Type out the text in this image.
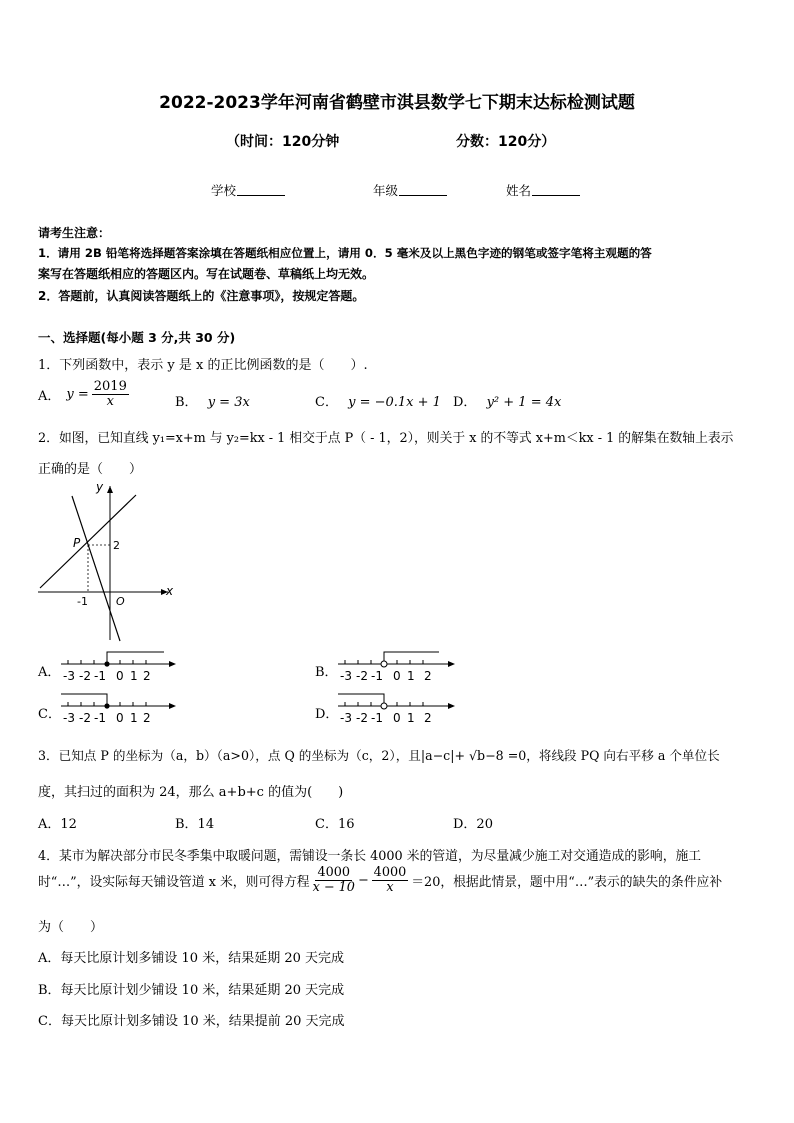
2022-2023学年河南省鹤壁市淇县数学七下期末达标检测试题
（时间：120分钟	分数：120分）
学校	年级	姓名
请考生注意：
1．请用 2B 铅笔将选择题答案涂填在答题纸相应位置上，请用 0．5 毫米及以上黑色字迹的钢笔或签字笔将主观题的答
案写在答题纸相应的答题区内。写在试题卷、草稿纸上均无效。
2．答题前，认真阅读答题纸上的《注意事项》，按规定答题。
一、选择题(每小题 3 分,共 30 分)
1．下列函数中，表示 y 是 x 的正比例函数的是（　　）.
A． $y = \frac{2019}{x}$	B． y = 3x	C． y = −0.1x + 1 D． y² + 1 = 4x
2．如图，已知直线 y₁=x+m 与 y₂=kx - 1 相交于点 P（ - 1，2），则关于 x 的不等式 x+m＜kx - 1 的解集在数轴上表示
正确的是（　　）
y
x
P	2
-1	O
A． -3 -2 -1 0 1 2	B． -3 -2 -1 0 1 2
C． -3 -2 -1 0 1 2	D． -3 -2 -1 0 1 2
3．已知点 P 的坐标为（a，b）（a>0），点 Q 的坐标为（c，2），且|a−c|+ √b−8 =0，将线段 PQ 向右平移 a 个单位长
度，其扫过的面积为 24，那么 a+b+c 的值为(　　)
A．12	B．14	C．16	D．20
4．某市为解决部分市民冬季集中取暖问题，需铺设一条长 4000 米的管道，为尽量减少施工对交通造成的影响，施工
时“…”，设实际每天铺设管道 x 米，则可得方程 $\frac{4000}{x - 10} - \frac{4000}{x} =20$，根据此情景，题中用“…”表示的缺失的条件应补
为（　　）
A．每天比原计划多铺设 10 米，结果延期 20 天完成
B．每天比原计划少铺设 10 米，结果延期 20 天完成
C．每天比原计划多铺设 10 米，结果提前 20 天完成
